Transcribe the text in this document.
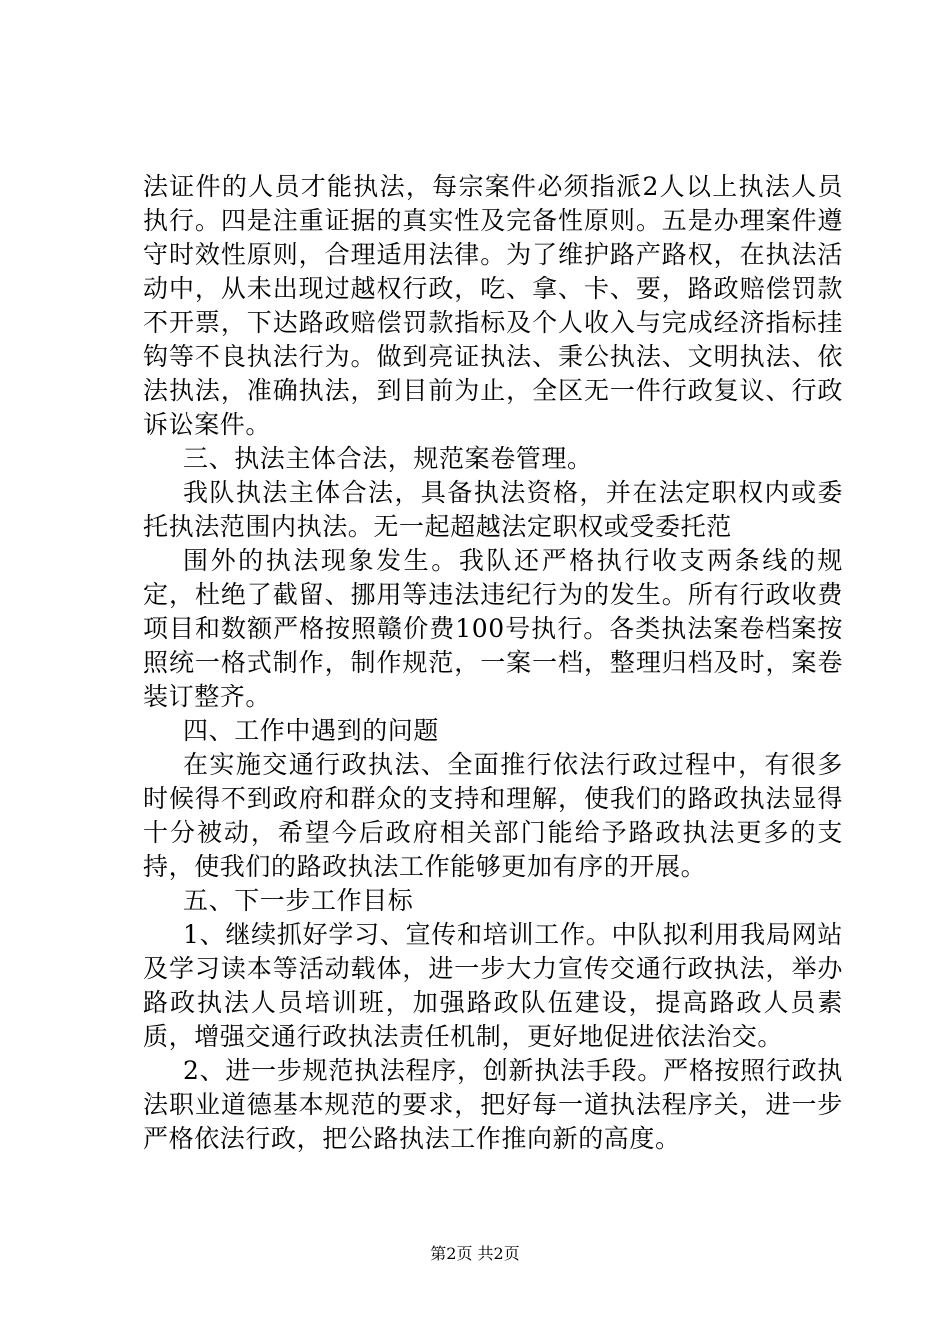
法证件的人员才能执法，每宗案件必须指派2人以上执法人员执行。四是注重证据的真实性及完备性原则。五是办理案件遵守时效性原则，合理适用法律。为了维护路产路权，在执法活动中，从未出现过越权行政，吃、拿、卡、要，路政赔偿罚款不开票，下达路政赔偿罚款指标及个人收入与完成经济指标挂钩等不良执法行为。做到亮证执法、秉公执法、文明执法、依法执法，准确执法，到目前为止，全区无一件行政复议、行政诉讼案件。

三、执法主体合法，规范案卷管理。

我队执法主体合法，具备执法资格，并在法定职权内或委托执法范围内执法。无一起超越法定职权或受委托范

围外的执法现象发生。我队还严格执行收支两条线的规定，杜绝了截留、挪用等违法违纪行为的发生。所有行政收费项目和数额严格按照赣价费100号执行。各类执法案卷档案按照统一格式制作，制作规范，一案一档，整理归档及时，案卷装订整齐。

四、工作中遇到的问题

在实施交通行政执法、全面推行依法行政过程中，有很多时候得不到政府和群众的支持和理解，使我们的路政执法显得十分被动，希望今后政府相关部门能给予路政执法更多的支持，使我们的路政执法工作能够更加有序的开展。

五、下一步工作目标

1、继续抓好学习、宣传和培训工作。中队拟利用我局网站及学习读本等活动载体，进一步大力宣传交通行政执法，举办路政执法人员培训班，加强路政队伍建设，提高路政人员素质，增强交通行政执法责任机制，更好地促进依法治交。

2、进一步规范执法程序，创新执法手段。严格按照行政执法职业道德基本规范的要求，把好每一道执法程序关，进一步严格依法行政，把公路执法工作推向新的高度。

第2页 共2页
